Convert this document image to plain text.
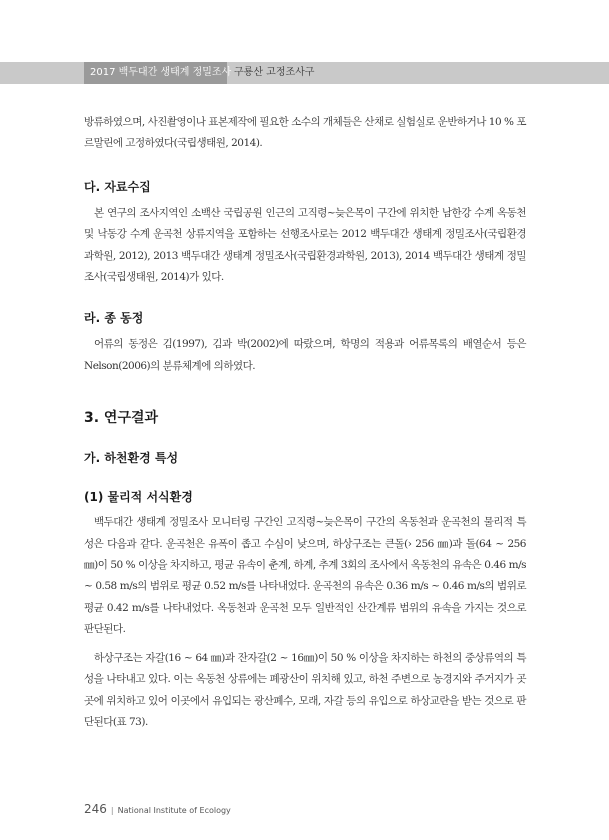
2017 백두대간 생태계 정밀조사 구룡산 고정조사구

방류하였으며, 사진촬영이나 표본제작에 필요한 소수의 개체들은 산채로 실험실로 운반하거나 10 % 포르말린에 고정하였다(국립생태원, 2014).

다. 자료수집

본 연구의 조사지역인 소백산 국립공원 인근의 고직령~늦은목이 구간에 위치한 남한강 수계 옥동천 및 낙동강 수계 운곡천 상류지역을 포함하는 선행조사로는 2012 백두대간 생태계 정밀조사(국립환경과학원, 2012), 2013 백두대간 생태계 정밀조사(국립환경과학원, 2013), 2014 백두대간 생태계 정밀조사(국립생태원, 2014)가 있다.

라. 종 동정

어류의 동정은 김(1997), 김과 박(2002)에 따랐으며, 학명의 적용과 어류목록의 배열순서 등은 Nelson(2006)의 분류체계에 의하였다.

3. 연구결과

가. 하천환경 특성

(1) 물리적 서식환경

백두대간 생태계 정밀조사 모니터링 구간인 고직령~늦은목이 구간의 옥동천과 운곡천의 물리적 특성은 다음과 같다. 운곡천은 유폭이 좁고 수심이 낮으며, 하상구조는 큰돌(› 256 ㎜)과 돌(64 ~ 256 ㎜)이 50 % 이상을 차지하고, 평균 유속이 춘계, 하계, 추계 3회의 조사에서 옥동천의 유속은 0.46 m/s ~ 0.58 m/s의 범위로 평균 0.52 m/s를 나타내었다. 운곡천의 유속은 0.36 m/s ~ 0.46 m/s의 범위로 평균 0.42 m/s를 나타내었다. 옥동천과 운곡천 모두 일반적인 산간계류 범위의 유속을 가지는 것으로 판단된다.

하상구조는 자갈(16 ~ 64 ㎜)과 잔자갈(2 ~ 16㎜)이 50 % 이상을 차지하는 하천의 중상류역의 특성을 나타내고 있다. 이는 옥동천 상류에는 폐광산이 위치해 있고, 하천 주변으로 농경지와 주거지가 곳곳에 위치하고 있어 이곳에서 유입되는 광산폐수, 모래, 자갈 등의 유입으로 하상교란을 받는 것으로 판단된다(표 73).

246 | National Institute of Ecology
